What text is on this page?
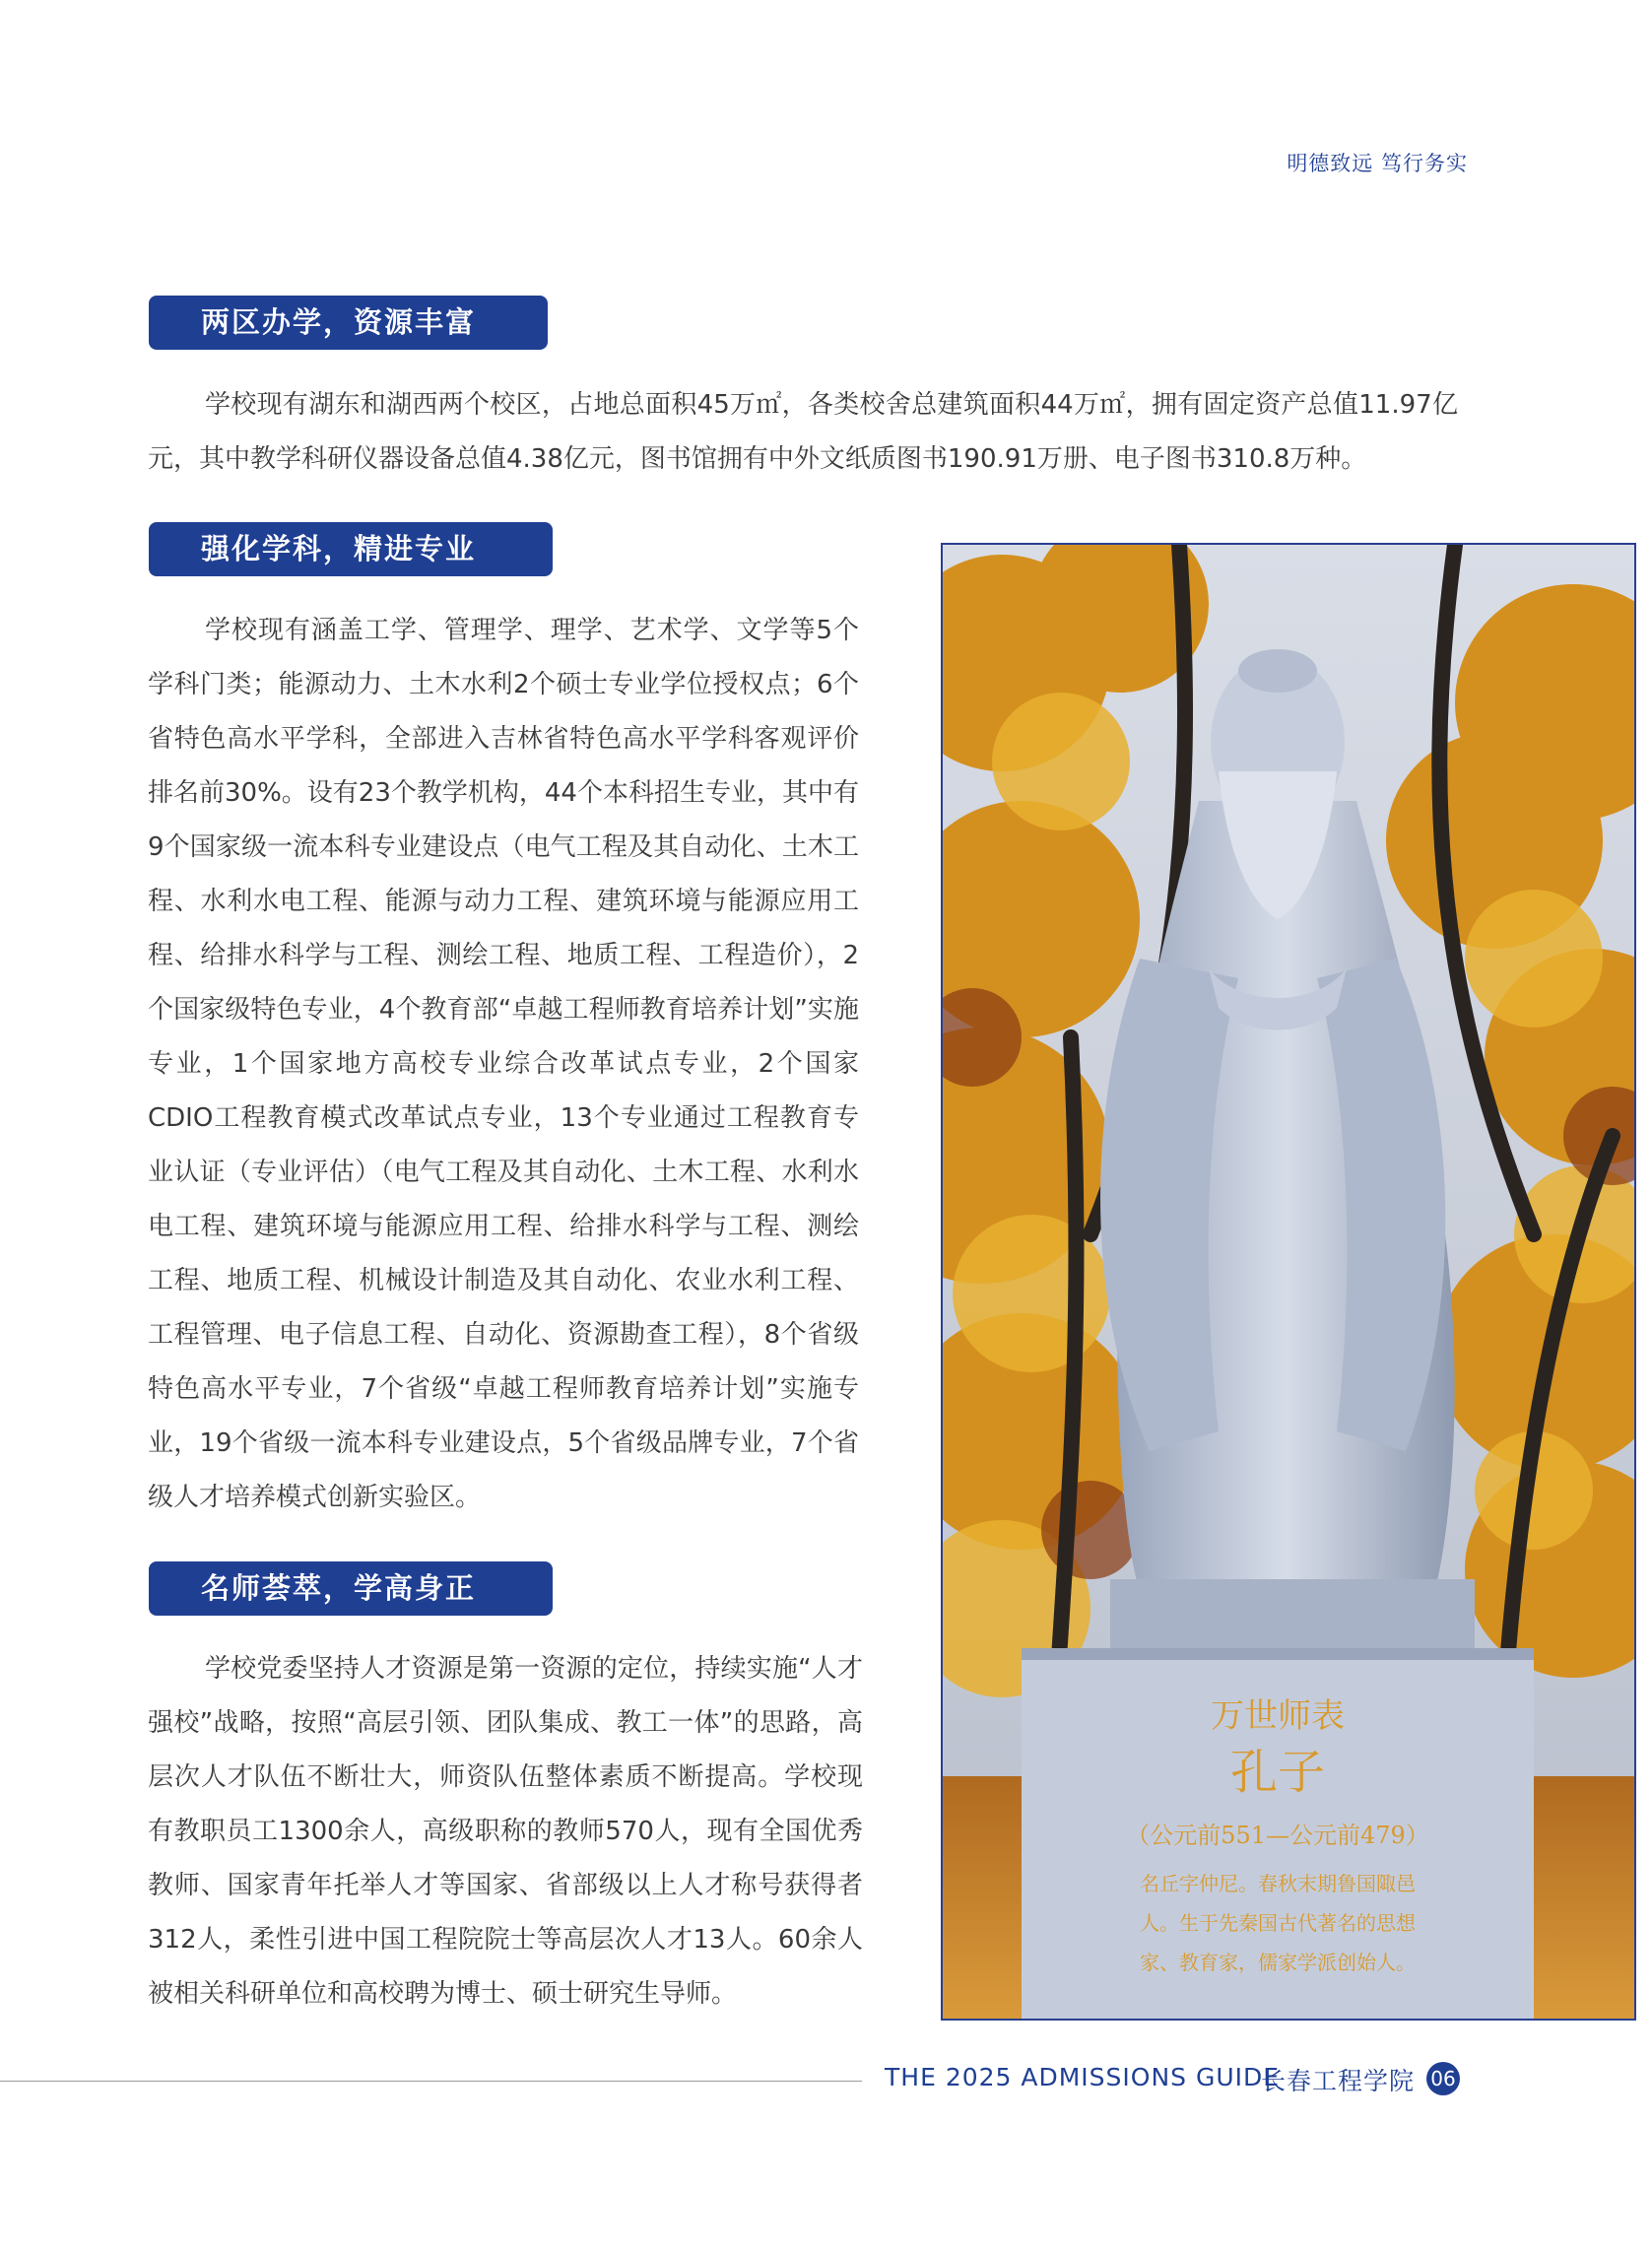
明德致远 笃行务实
两区办学，资源丰富

学校现有湖东和湖西两个校区，占地总面积45万㎡，各类校舍总建筑面积44万㎡，拥有固定资产总值11.97亿元，其中教学科研仪器设备总值4.38亿元，图书馆拥有中外文纸质图书190.91万册、电子图书310.8万种。

强化学科，精进专业

学校现有涵盖工学、管理学、理学、艺术学、文学等5个学科门类；能源动力、土木水利2个硕士专业学位授权点；6个省特色高水平学科，全部进入吉林省特色高水平学科客观评价排名前30%。设有23个教学机构，44个本科招生专业，其中有9个国家级一流本科专业建设点（电气工程及其自动化、土木工程、水利水电工程、能源与动力工程、建筑环境与能源应用工程、给排水科学与工程、测绘工程、地质工程、工程造价），2个国家级特色专业，4个教育部“卓越工程师教育培养计划”实施专业，1个国家地方高校专业综合改革试点专业，2个国家CDIO工程教育模式改革试点专业，13个专业通过工程教育专业认证（专业评估）（电气工程及其自动化、土木工程、水利水电工程、建筑环境与能源应用工程、给排水科学与工程、测绘工程、地质工程、机械设计制造及其自动化、农业水利工程、工程管理、电子信息工程、自动化、资源勘查工程），8个省级特色高水平专业，7个省级“卓越工程师教育培养计划”实施专业，19个省级一流本科专业建设点，5个省级品牌专业，7个省级人才培养模式创新实验区。

名师荟萃，学高身正

学校党委坚持人才资源是第一资源的定位，持续实施“人才强校”战略，按照“高层引领、团队集成、教工一体”的思路，高层次人才队伍不断壮大，师资队伍整体素质不断提高。学校现有教职员工1300余人，高级职称的教师570人，现有全国优秀教师、国家青年托举人才等国家、省部级以上人才称号获得者312人，柔性引进中国工程院院士等高层次人才13人。60余人被相关科研单位和高校聘为博士、硕士研究生导师。

万世师表
孔子
（公元前551—公元前479）
名丘字仲尼。春秋末期鲁国陬邑
人。生于先秦国古代著名的思想
家、教育家，儒家学派创始人。
THE 2025 ADMISSIONS GUIDE
长春工程学院 06
